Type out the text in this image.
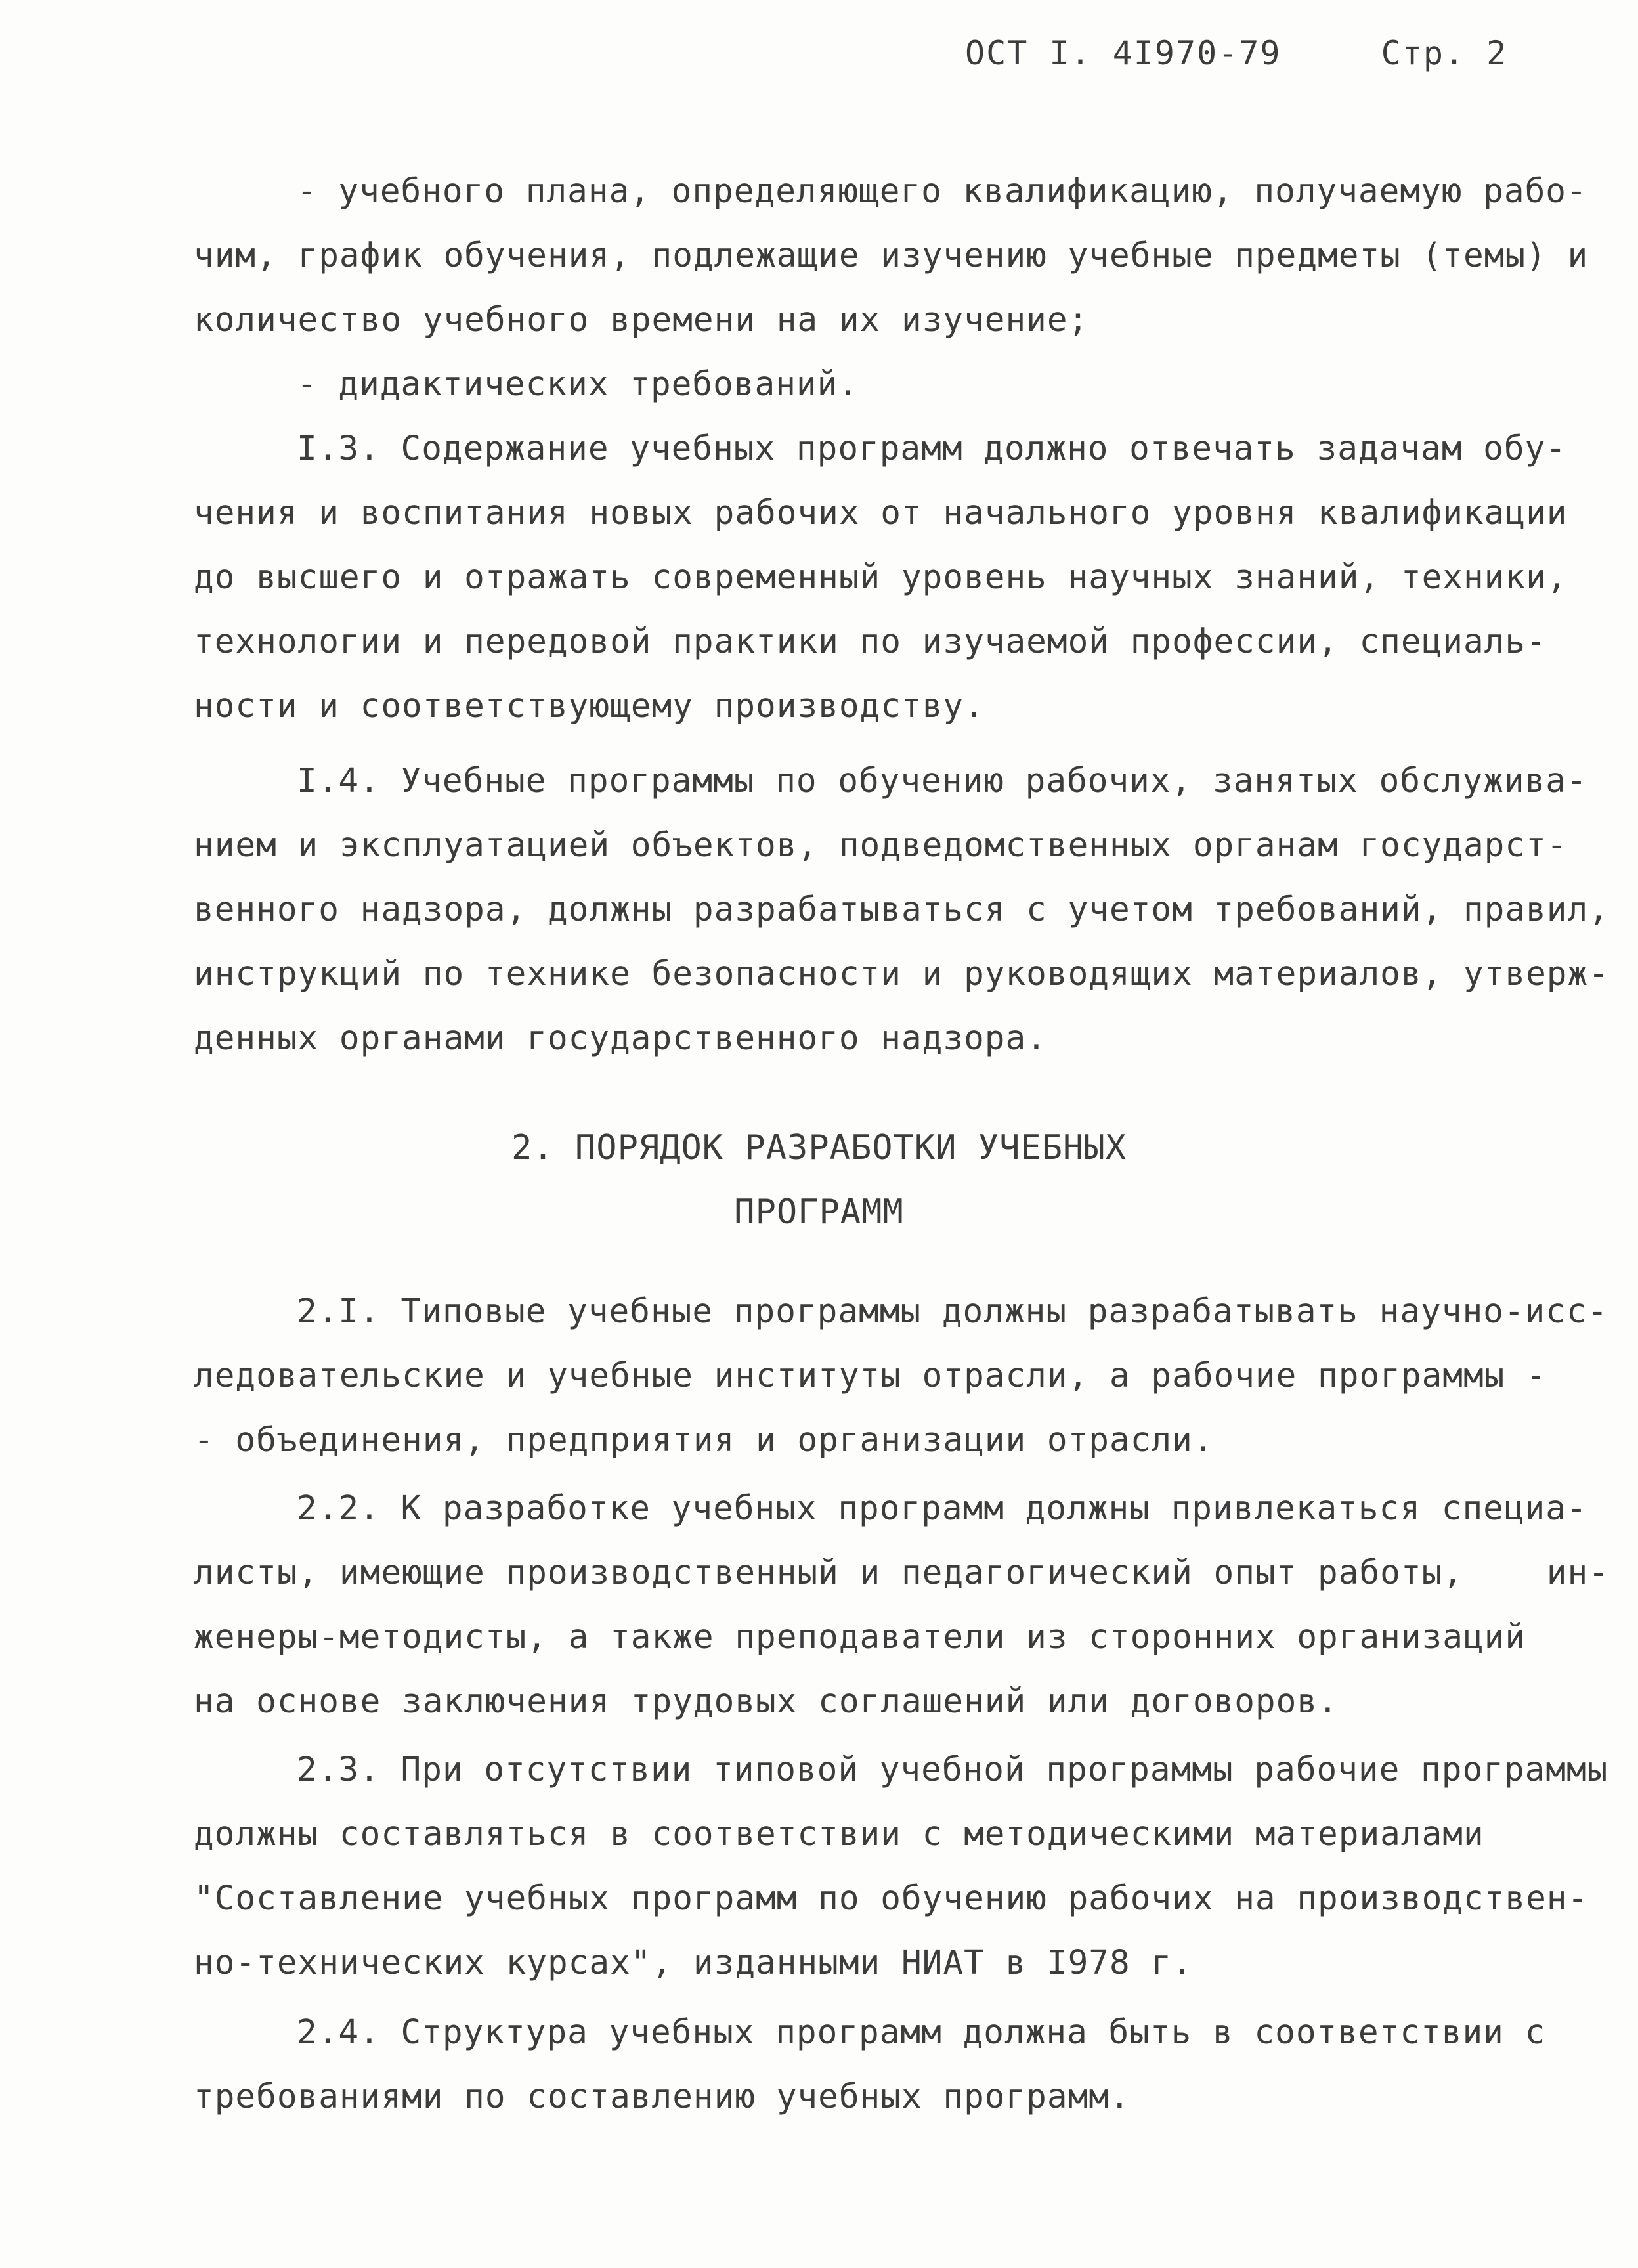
ОСТ I. 4I970-79	Стр. 2
- учебного плана, определяющего квалификацию, получаемую рабо-
чим, график обучения, подлежащие изучению учебные предметы (темы) и
количество учебного времени на их изучение;
- дидактических требований.
I.3. Содержание учебных программ должно отвечать задачам обу-
чения и воспитания новых рабочих от начального уровня квалификации
до высшего и отражать современный уровень научных знаний, техники,
технологии и передовой практики по изучаемой профессии, специаль-
ности и соответствующему производству.
I.4. Учебные программы по обучению рабочих, занятых обслужива-
нием и эксплуатацией объектов, подведомственных органам государст-
венного надзора, должны разрабатываться с учетом требований, правил,
инструкций по технике безопасности и руководящих материалов, утверж-
денных органами государственного надзора.
2. ПОРЯДОК РАЗРАБОТКИ УЧЕБНЫХ
ПРОГРАММ
2.I. Типовые учебные программы должны разрабатывать научно-исс-
ледовательские и учебные институты отрасли, а рабочие программы -
- объединения, предприятия и организации отрасли.
2.2. К разработке учебных программ должны привлекаться специа-
листы, имеющие производственный и педагогический опыт работы,    ин-
женеры-методисты, а также преподаватели из сторонних организаций
на основе заключения трудовых соглашений или договоров.
2.3. При отсутствии типовой учебной программы рабочие программы
должны составляться в соответствии с методическими материалами
"Составление учебных программ по обучению рабочих на производствен-
но-технических курсах", изданными НИАТ в I978 г.
2.4. Структура учебных программ должна быть в соответствии с
требованиями по составлению учебных программ.
